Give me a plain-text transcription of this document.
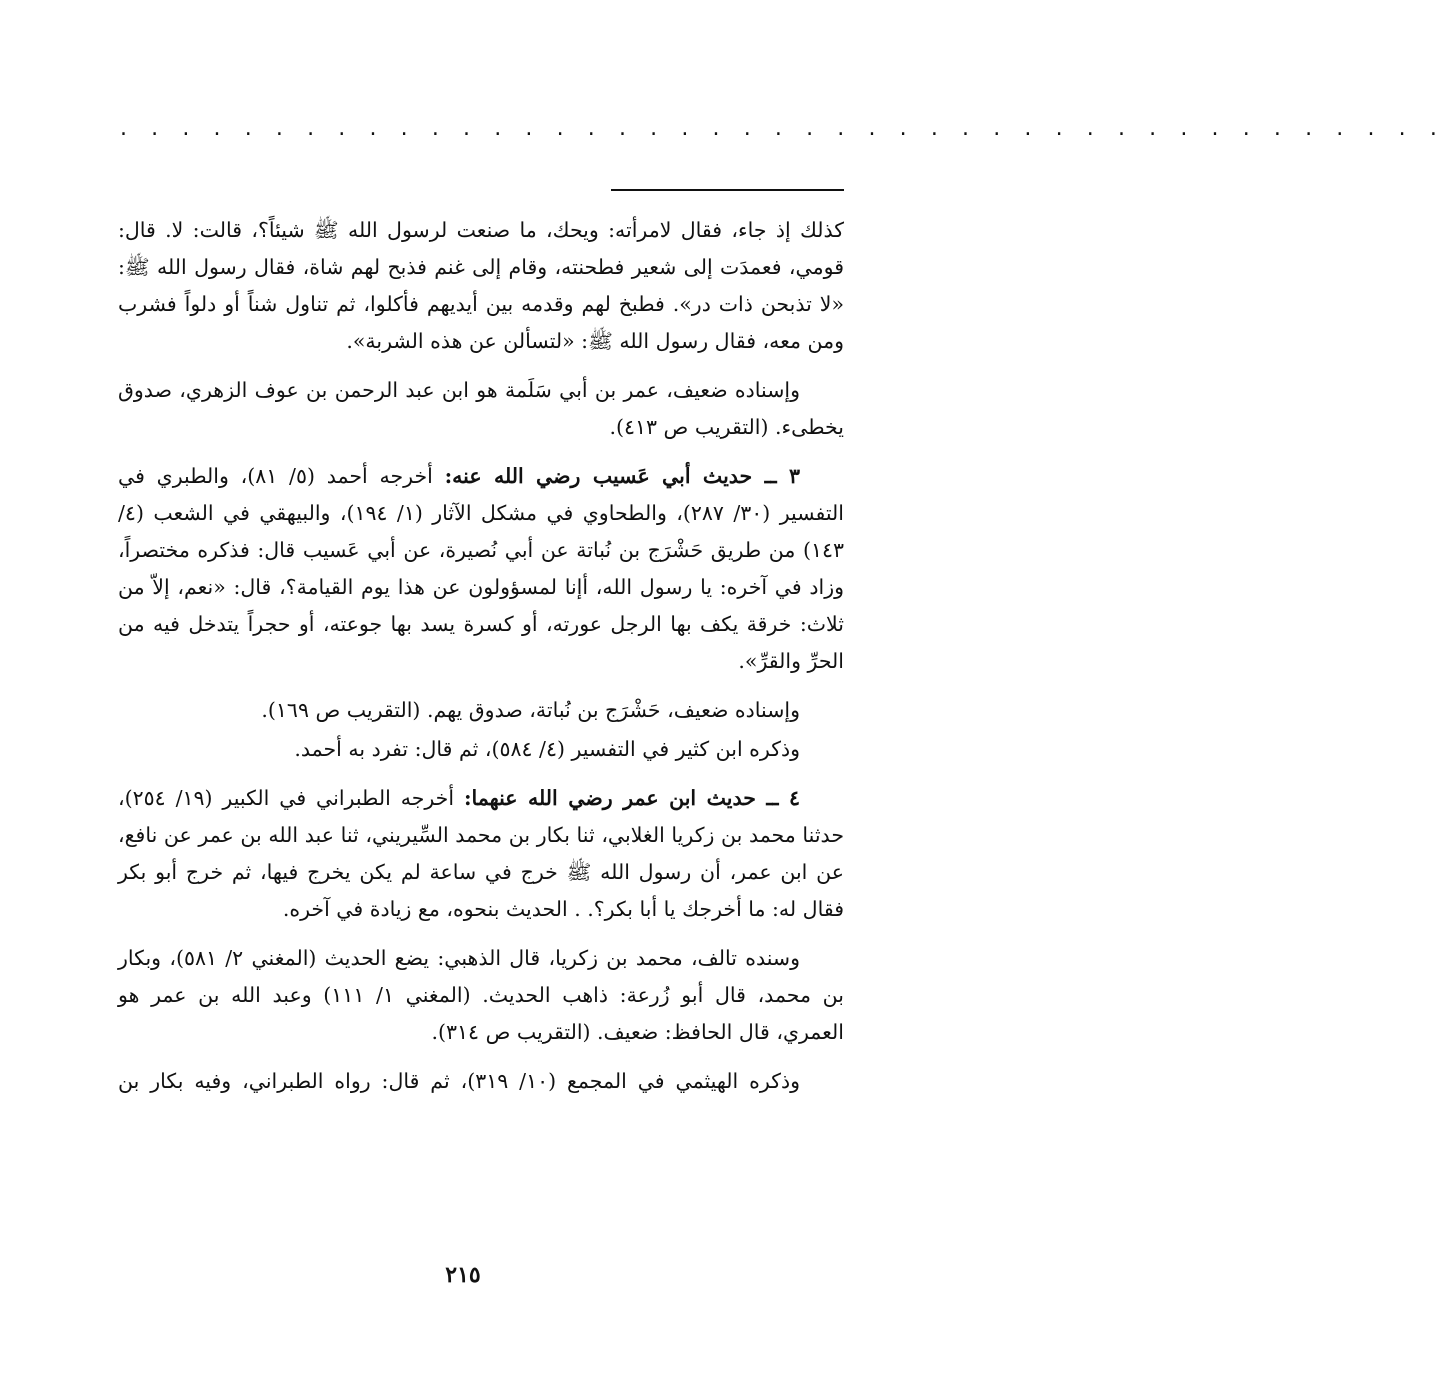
. . . . . . . . . . . . . . . . . . . . . . . . . . . . . . . . . . . . . . . . . . .

كذلك إذ جاء، فقال لامرأته: ويحك، ما صنعت لرسول الله ﷺ شيئاً؟، قالت: لا. قال: قومي، فعمدَت إلى شعير فطحنته، وقام إلى غنم فذبح لهم شاة، فقال رسول الله ﷺ: «لا تذبحن ذات در». فطبخ لهم وقدمه بين أيديهم فأكلوا، ثم تناول شناً أو دلواً فشرب ومن معه، فقال رسول الله ﷺ: «لتسألن عن هذه الشربة».

وإسناده ضعيف، عمر بن أبي سَلَمة هو ابن عبد الرحمن بن عوف الزهري، صدوق يخطىء. (التقريب ص ٤١٣).

٣ ــ حديث أبي عَسيب رضي الله عنه: أخرجه أحمد (٥/ ٨١)، والطبري في التفسير (٣٠/ ٢٨٧)، والطحاوي في مشكل الآثار (١/ ١٩٤)، والبيهقي في الشعب (٤/ ١٤٣) من طريق حَشْرَج بن نُباتة عن أبي نُصيرة، عن أبي عَسيب قال: فذكره مختصراً، وزاد في آخره: يا رسول الله، أإنا لمسؤولون عن هذا يوم القيامة؟، قال: «نعم، إلاّ من ثلاث: خرقة يكف بها الرجل عورته، أو كسرة يسد بها جوعته، أو حجراً يتدخل فيه من الحرِّ والقرِّ».

وإسناده ضعيف، حَشْرَج بن نُباتة، صدوق يهم. (التقريب ص ١٦٩).

وذكره ابن كثير في التفسير (٤/ ٥٨٤)، ثم قال: تفرد به أحمد.

٤ ــ حديث ابن عمر رضي الله عنهما: أخرجه الطبراني في الكبير (١٩/ ٢٥٤)، حدثنا محمد بن زكريا الغلابي، ثنا بكار بن محمد السِّيريني، ثنا عبد الله بن عمر عن نافع، عن ابن عمر، أن رسول الله ﷺ خرج في ساعة لم يكن يخرج فيها، ثم خرج أبو بكر فقال له: ما أخرجك يا أبا بكر؟. . الحديث بنحوه، مع زيادة في آخره.

وسنده تالف، محمد بن زكريا، قال الذهبي: يضع الحديث (المغني ٢/ ٥٨١)، وبكار بن محمد، قال أبو زُرعة: ذاهب الحديث. (المغني ١/ ١١١) وعبد الله بن عمر هو العمري، قال الحافظ: ضعيف. (التقريب ص ٣١٤).

وذكره الهيثمي في المجمع (١٠/ ٣١٩)، ثم قال: رواه الطبراني، وفيه بكار بن

٢١٥
